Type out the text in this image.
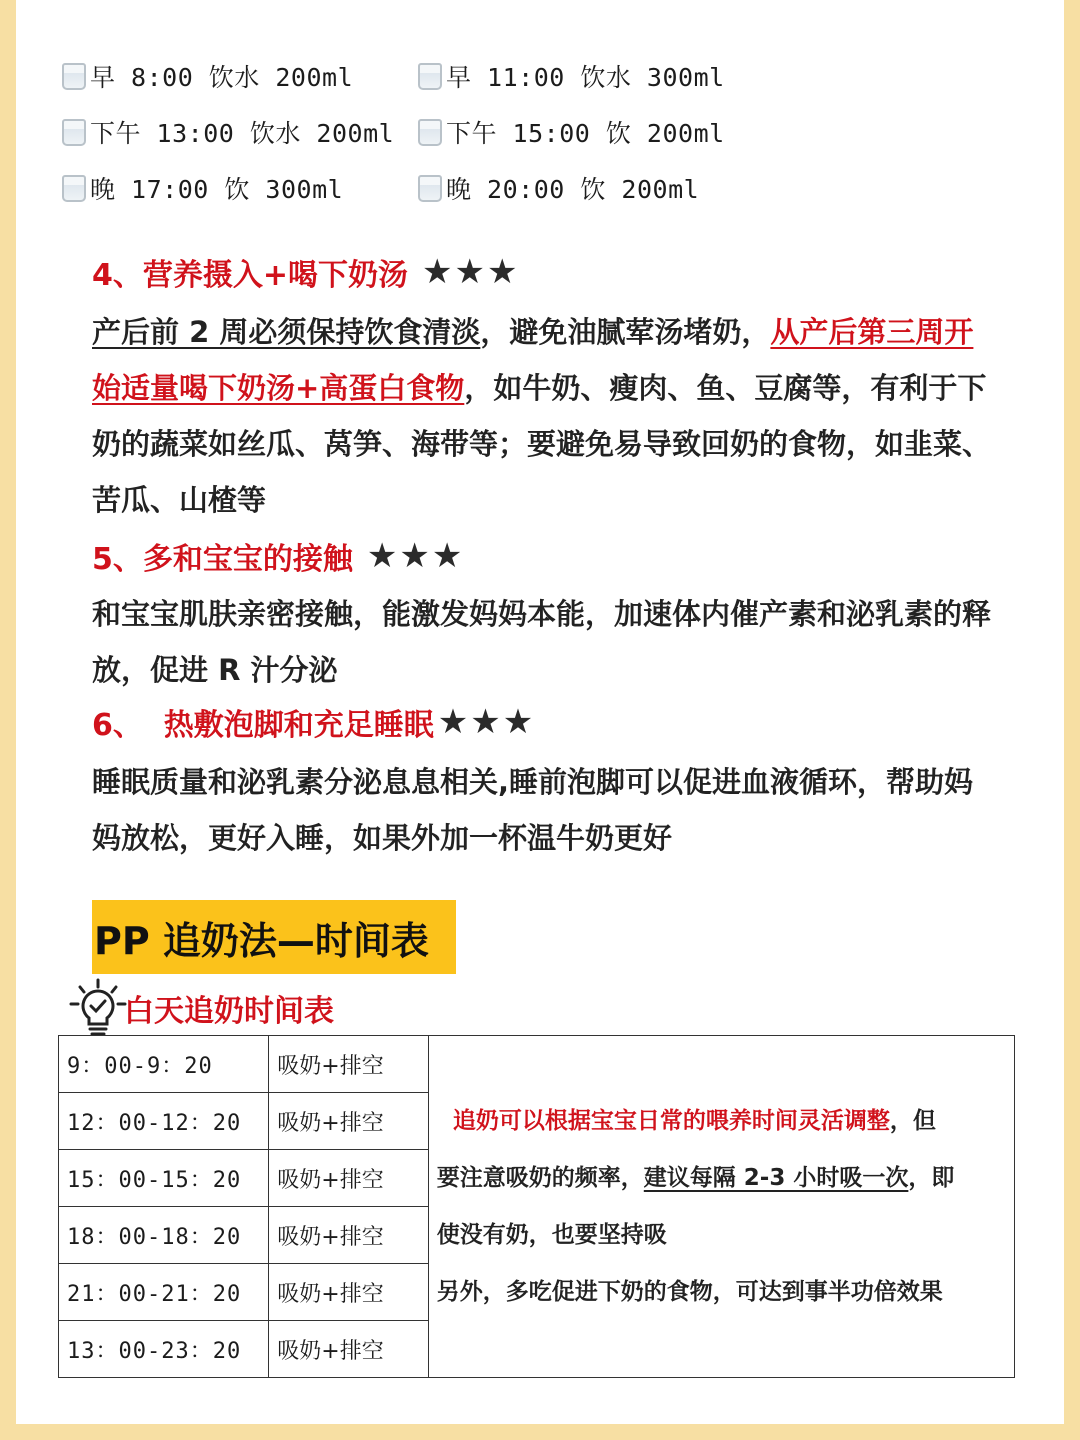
早 8:00 饮水 200ml	早 11:00 饮水 300ml
下午 13:00 饮水 200ml 下午 15:00 饮 200ml
晚 17:00 饮 300ml	晚 20:00 饮 200ml
4、营养摄入+喝下奶汤 ★★★
产后前 2 周必须保持饮食清淡，避免油腻荤汤堵奶，从产后第三周开始适量喝下奶汤+高蛋白食物，如牛奶、瘦肉、鱼、豆腐等，有利于下奶的蔬菜如丝瓜、莴笋、海带等；要避免易导致回奶的食物，如韭菜、苦瓜、山楂等
5、多和宝宝的接触 ★★★
和宝宝肌肤亲密接触，能激发妈妈本能，加速体内催产素和泌乳素的释放，促进 R 汁分泌
6、  热敷泡脚和充足睡眠 ★★★
睡眠质量和泌乳素分泌息息相关,睡前泡脚可以促进血液循环，帮助妈妈放松，更好入睡，如果外加一杯温牛奶更好
PP 追奶法—时间表
白天追奶时间表
9：00-9：20	吸奶+排空	追奶可以根据宝宝日常的喂养时间灵活调整，但
要注意吸奶的频率，建议每隔 2-3 小时吸一次，即
使没有奶，也要坚持吸
另外，多吃促进下奶的食物，可达到事半功倍效果

12：00-12：20	吸奶+排空	
15：00-15：20	吸奶+排空	
18：00-18：20	吸奶+排空	
21：00-21：20	吸奶+排空	
13：00-23：20	吸奶+排空	
